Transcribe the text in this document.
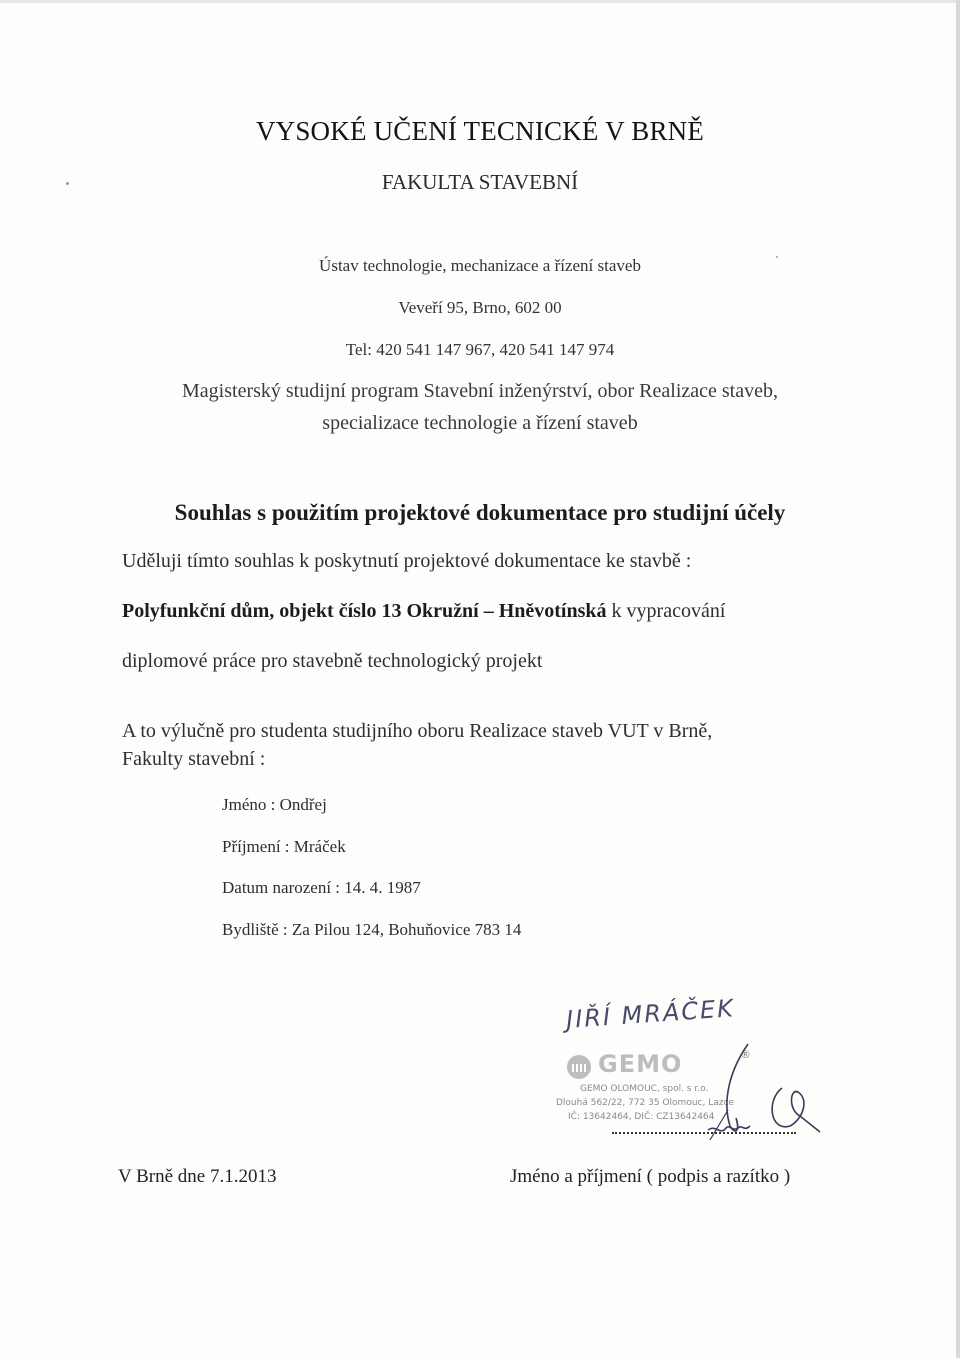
VYSOKÉ UČENÍ TECNICKÉ V BRNĚ
FAKULTA STAVEBNÍ
Ústav technologie, mechanizace a řízení staveb
Veveří 95, Brno, 602 00
Tel: 420 541 147 967, 420 541 147 974
Magisterský studijní program Stavební inženýrství, obor Realizace staveb,
specializace technologie a řízení staveb
Souhlas s použitím projektové dokumentace pro studijní účely
Uděluji tímto souhlas k poskytnutí projektové dokumentace ke stavbě :
Polyfunkční dům, objekt číslo 13 Okružní – Hněvotínská k vypracování
diplomové práce pro stavebně technologický projekt
A to výlučně pro studenta studijního oboru Realizace staveb VUT v Brně,
Fakulty stavební :
Jméno : Ondřej
Příjmení : Mráček
Datum narození : 14. 4. 1987
Bydliště : Za Pilou 124, Bohuňovice 783 14
JIŘÍ MRÁČEK
GEMO	®
GEMO OLOMOUC, spol. s r.o.
Dlouhá 562/22, 772 35 Olomouc, Lazce
IČ: 13642464, DIČ: CZ13642464
V Brně dne 7.1.2013	Jméno a příjmení ( podpis a razítko )
